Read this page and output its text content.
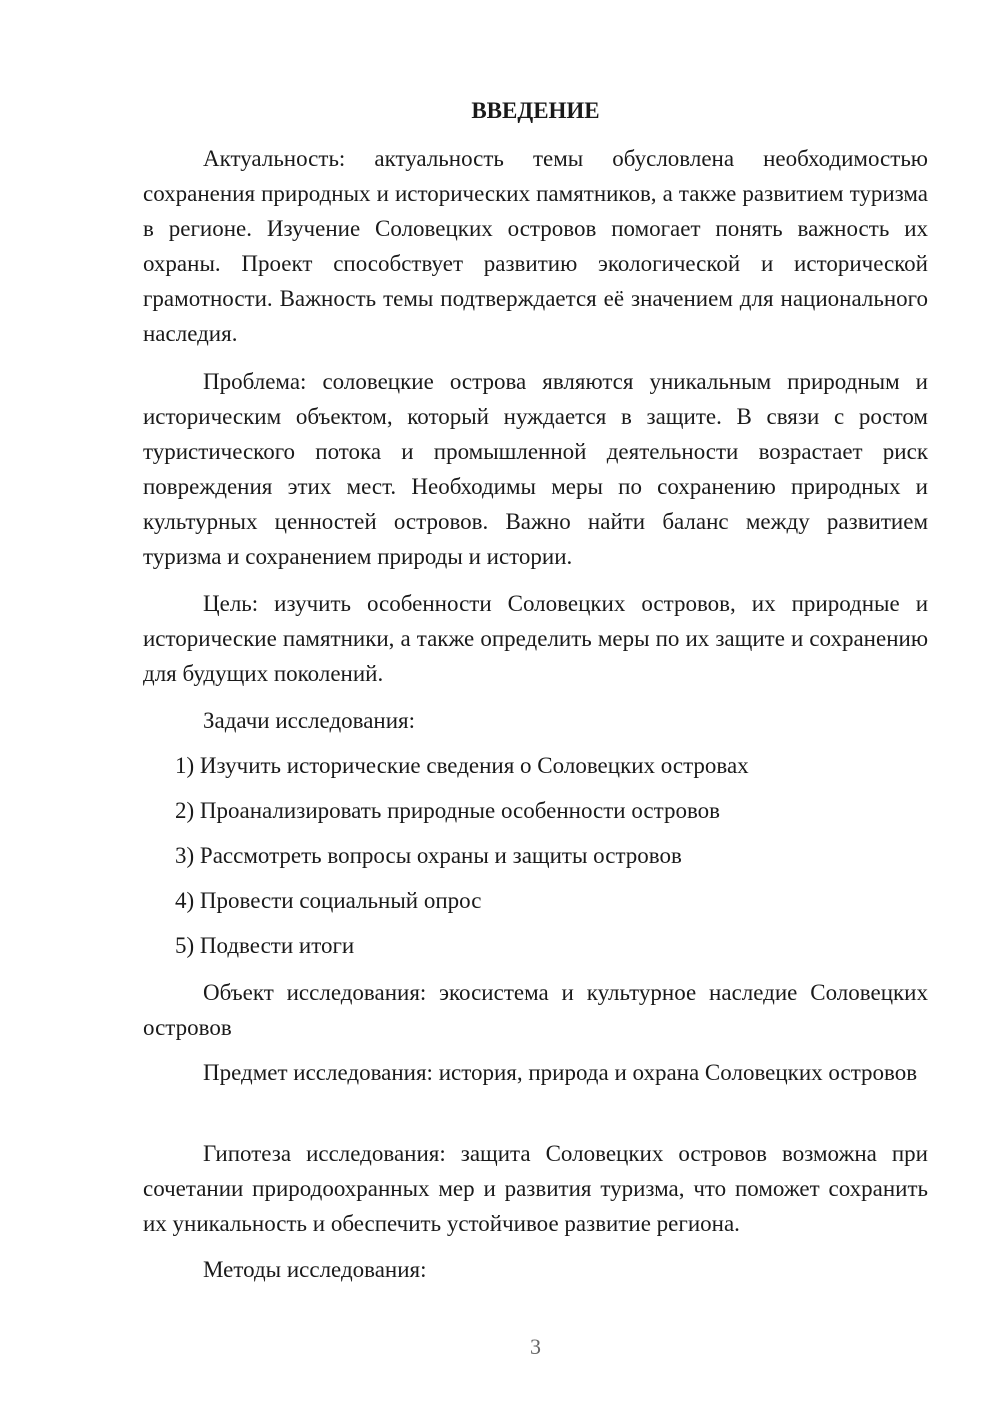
ВВЕДЕНИЕ

Актуальность: актуальность темы обусловлена необходимостью сохранения природных и исторических памятников, а также развитием туризма в регионе. Изучение Соловецких островов помогает понять важность их охраны. Проект способствует развитию экологической и исторической грамотности. Важность темы подтверждается её значением для национального наследия.

Проблема: соловецкие острова являются уникальным природным и историческим объектом, который нуждается в защите. В связи с ростом туристического потока и промышленной деятельности возрастает риск повреждения этих мест. Необходимы меры по сохранению природных и культурных ценностей островов. Важно найти баланс между развитием туризма и сохранением природы и истории.

Цель: изучить особенности Соловецких островов, их природные и исторические памятники, а также определить меры по их защите и сохранению для будущих поколений.

Задачи исследования:

1) Изучить исторические сведения о Соловецких островах

2) Проанализировать природные особенности островов

3) Рассмотреть вопросы охраны и защиты островов

4) Провести социальный опрос

5) Подвести итоги

Объект исследования: экосистема и культурное наследие Соловецких островов

Предмет исследования: история, природа и охрана Соловецких островов

Гипотеза исследования: защита Соловецких островов возможна при сочетании природоохранных мер и развития туризма, что поможет сохранить их уникальность и обеспечить устойчивое развитие региона.

Методы исследования:

3
